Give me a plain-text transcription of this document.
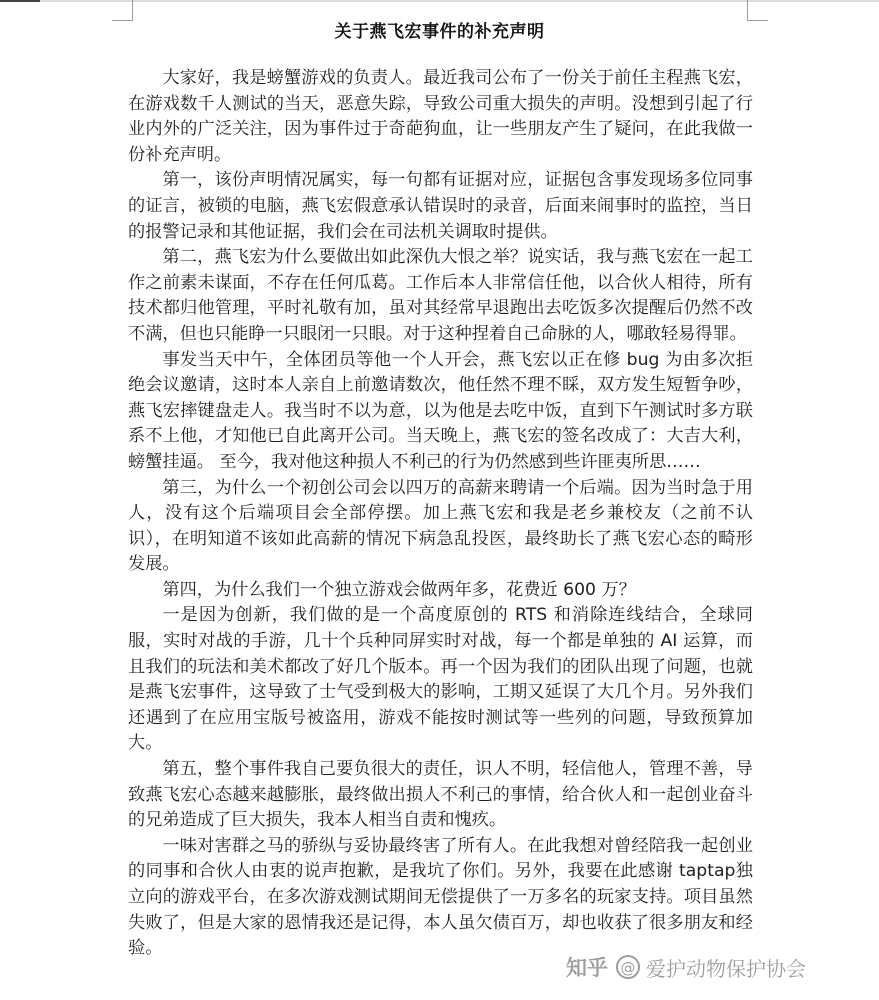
关于燕飞宏事件的补充声明

大家好，我是螃蟹游戏的负责人。最近我司公布了一份关于前任主程燕飞宏，在游戏数千人测试的当天，恶意失踪，导致公司重大损失的声明。没想到引起了行业内外的广泛关注，因为事件过于奇葩狗血，让一些朋友产生了疑问，在此我做一份补充声明。

第一，该份声明情况属实，每一句都有证据对应，证据包含事发现场多位同事的证言，被锁的电脑，燕飞宏假意承认错误时的录音，后面来闹事时的监控，当日的报警记录和其他证据，我们会在司法机关调取时提供。

第二，燕飞宏为什么要做出如此深仇大恨之举？说实话，我与燕飞宏在一起工作之前素未谋面，不存在任何瓜葛。工作后本人非常信任他，以合伙人相待，所有技术都归他管理，平时礼敬有加，虽对其经常早退跑出去吃饭多次提醒后仍然不改不满，但也只能睁一只眼闭一只眼。对于这种捏着自己命脉的人，哪敢轻易得罪。

事发当天中午，全体团员等他一个人开会，燕飞宏以正在修 bug 为由多次拒绝会议邀请，这时本人亲自上前邀请数次，他任然不理不睬，双方发生短暂争吵，燕飞宏摔键盘走人。我当时不以为意，以为他是去吃中饭，直到下午测试时多方联系不上他，才知他已自此离开公司。当天晚上，燕飞宏的签名改成了：大吉大利，螃蟹挂逼。 至今，我对他这种损人不利己的行为仍然感到些许匪夷所思……

第三，为什么一个初创公司会以四万的高薪来聘请一个后端。因为当时急于用人，没有这个后端项目会全部停摆。加上燕飞宏和我是老乡兼校友（之前不认识），在明知道不该如此高薪的情况下病急乱投医，最终助长了燕飞宏心态的畸形发展。

第四，为什么我们一个独立游戏会做两年多，花费近 600 万？

一是因为创新，我们做的是一个高度原创的 RTS 和消除连线结合，全球同服，实时对战的手游，几十个兵种同屏实时对战，每一个都是单独的 AI 运算，而且我们的玩法和美术都改了好几个版本。再一个因为我们的团队出现了问题，也就是燕飞宏事件，这导致了士气受到极大的影响，工期又延误了大几个月。另外我们还遇到了在应用宝版号被盗用，游戏不能按时测试等一些列的问题，导致预算加大。

第五，整个事件我自己要负很大的责任，识人不明，轻信他人，管理不善，导致燕飞宏心态越来越膨胀，最终做出损人不利己的事情，给合伙人和一起创业奋斗的兄弟造成了巨大损失，我本人相当自责和愧疚。

一味对害群之马的骄纵与妥协最终害了所有人。在此我想对曾经陪我一起创业的同事和合伙人由衷的说声抱歉，是我坑了你们。另外，我要在此感谢 taptap独立向的游戏平台，在多次游戏测试期间无偿提供了一万多名的玩家支持。项目虽然失败了，但是大家的恩情我还是记得，本人虽欠债百万，却也收获了很多朋友和经验。

知乎 @ 爱护动物保护协会
